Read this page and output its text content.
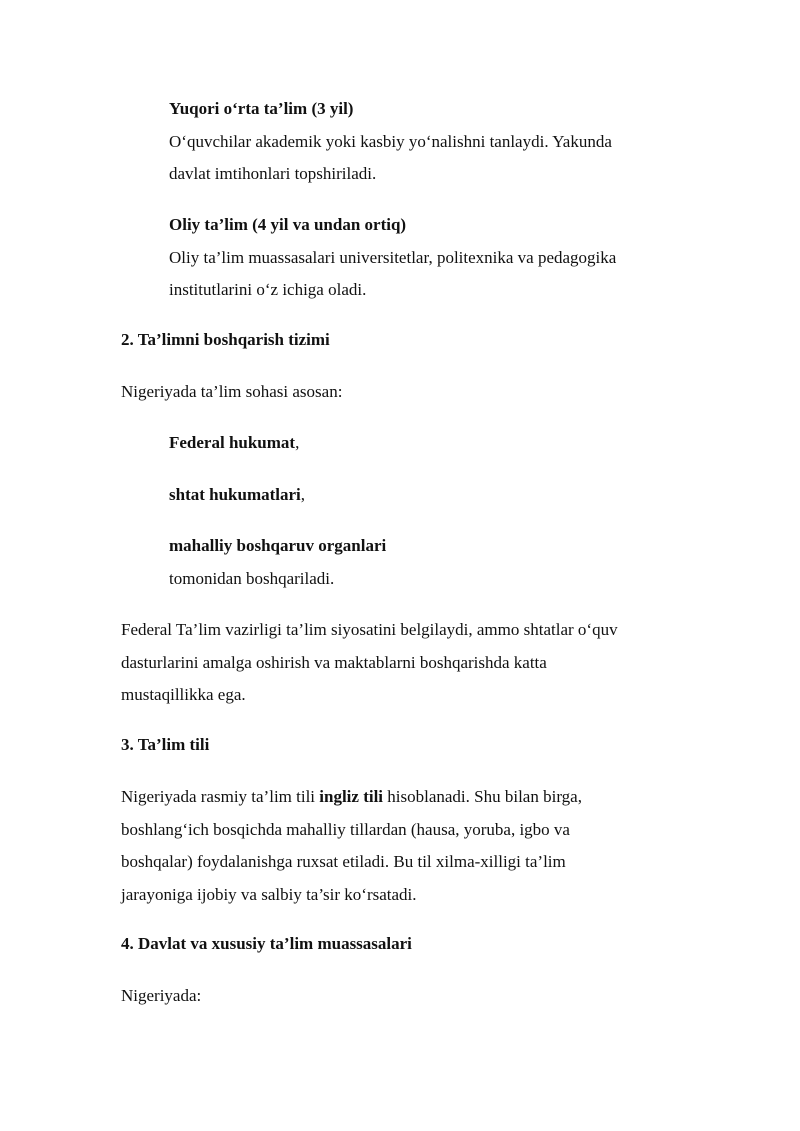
Yuqori o‘rta ta’lim (3 yil)
O‘quvchilar akademik yoki kasbiy yo‘nalishni tanlaydi. Yakunda
davlat imtihonlari topshiriladi.
Oliy ta’lim (4 yil va undan ortiq)
Oliy ta’lim muassasalari universitetlar, politexnika va pedagogika
institutlarini o‘z ichiga oladi.
2. Ta’limni boshqarish tizimi
Nigeriyada ta’lim sohasi asosan:
Federal hukumat,
shtat hukumatlari,
mahalliy boshqaruv organlari
tomonidan boshqariladi.
Federal Ta’lim vazirligi ta’lim siyosatini belgilaydi, ammo shtatlar o‘quv
dasturlarini amalga oshirish va maktablarni boshqarishda katta
mustaqillikka ega.
3. Ta’lim tili
Nigeriyada rasmiy ta’lim tili ingliz tili hisoblanadi. Shu bilan birga,
boshlang‘ich bosqichda mahalliy tillardan (hausa, yoruba, igbo va
boshqalar) foydalanishga ruxsat etiladi. Bu til xilma-xilligi ta’lim
jarayoniga ijobiy va salbiy ta’sir ko‘rsatadi.
4. Davlat va xususiy ta’lim muassasalari
Nigeriyada:
